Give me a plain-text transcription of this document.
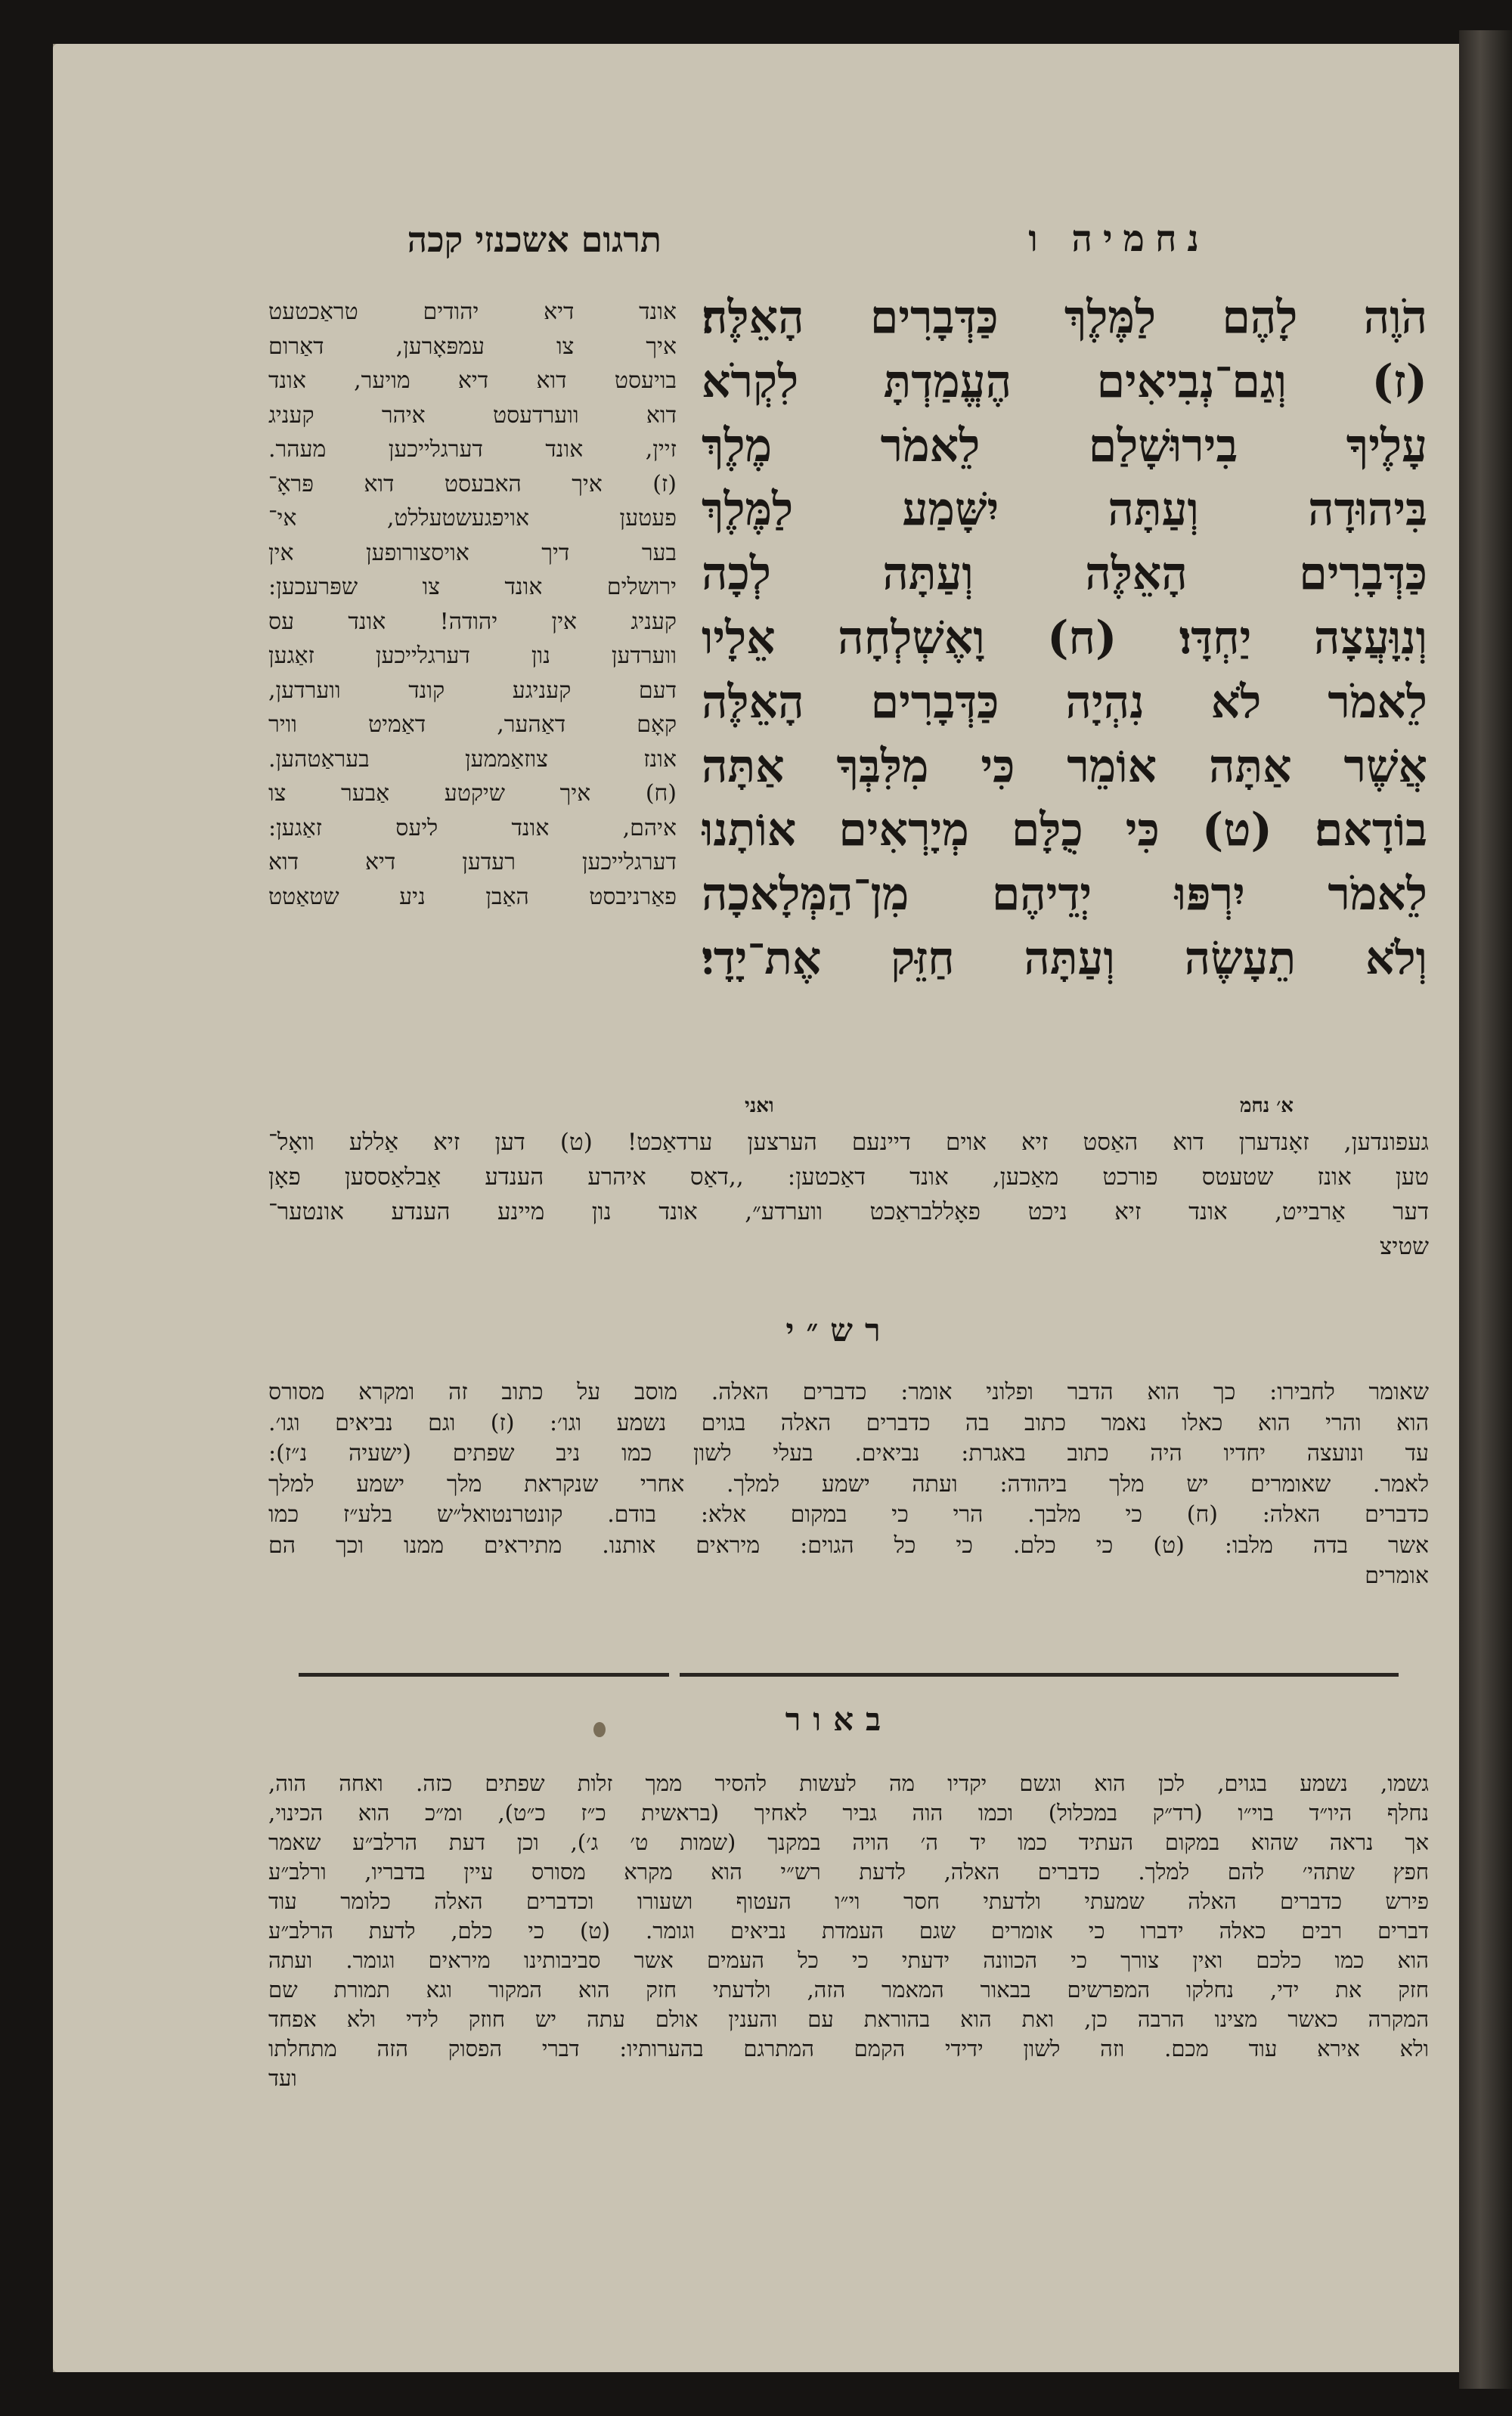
תרגום אשכנזי קכה	נחמיה ו
הֹוֶה לָהֶם לַמֶּלֶךְ כַּדְּבָרִים הָאֵלֶּה׃
(ז) וְגַם־נְבִיאִים הֶעֱמַדְתָּ לִקְרֹא
עָלֶיךָ בִירוּשָׁלַם לֵאמֹר מֶלֶךְ
בִּיהוּדָה וְעַתָּה יִשָּׁמַע לַמֶּלֶךְ
כַּדְּבָרִים הָאֵלֶּה וְעַתָּה לְכָה
וְנִוָּעֲצָה יַחְדָּו׃ (ח) וָאֶשְׁלְחָה אֵלָיו
לֵאמֹר לֹא נִהְיָה כַּדְּבָרִים הָאֵלֶּה
אֲשֶׁר אַתָּה אוֹמֵר כִּי מִלִּבְּךָ אַתָּה
בוֹדָאם׃ (ט) כִּי כֻלָּם מְיָרְאִים אוֹתָנוּ
לֵאמֹר יִרְפּוּ יְדֵיהֶם מִן־הַמְּלָאכָה
וְלֹא תֵעָשֶׂה וְעַתָּה חַזֵּק אֶת־יָדָי׃
ואני	א׳ נחמ
אונד דיא יהודים טראַכטעט
איך צו עמפּאָרען, דאַרום
בויעסט דוא דיא מויער, אונד
דוא ווערדעסט איהר קעניג
זיין, אונד דערגלייכען מעהר.
(ז) איך האבעסט דוא פּראָ־
פעטען אויפגעשטעללט, אי־
בער דיך אויסצורופען אין
ירושלים אונד צו שפּרעכען:
קעניג אין יהודה! אונד עס
ווערדען נון דערגלייכען זאַגען
דעם קעניגע קונד ווערדען,
קאָם דאַהער, דאַמיט וויר
אונז צוזאַממען בעראַטהען.
(ח) איך שיקטע אַבער צו
איהם, אונד ליעס זאַגען:
דערגלייכען רעדען דיא דוא
פאַרניבסט האַבן ניע שטאַטט
געפונדען, זאָנדערן דוא האַסט זיא אוים דיינעם הערצען ערדאַכט! (ט) דען זיא אַללע וואָל־
טען אונז שטעטס פורכט מאַכען, אונד דאַכטען: ,,דאַס איהרע הענדע אַבלאַססען פאָן
דער אַרבייט, אונד זיא ניכט פאָללבראַכט ווערדע״, אונד נון מיינע הענדע אונטער־
שטיצ
רש״י
שאומר לחבירו: כך הוא הדבר ופלוני אומר: כדברים האלה. מוסב על כתוב זה ומקרא מסורס
הוא והרי הוא כאלו נאמר כתוב בה כדברים האלה בגוים נשמע וגו׳: (ז) וגם נביאים וגו׳.
עד ונועצה יחדיו היה כתוב באגרת: נביאים. בעלי לשון כמו ניב שפתים (ישעיה נ״ז):
לאמר. שאומרים יש מלך ביהודה: ועתה ישמע למלך. אחרי שנקראת מלך ישמע למלך
כדברים האלה: (ח) כי מלבך. הרי כי במקום אלא: בודם. קונטרנטואל״ש בלע״ז כמו
אשר בדה מלבו: (ט) כי כלם. כי כל הגוים: מיראים אותנו. מתיראים ממנו וכך הם
אומרים
באור
גשמו, נשמע בגוים, לכן הוא וגשם יקדיו מה לעשות להסיר ממך זלות שפתים כזה. ואחה הוה,
נחלף היו״ד בוי״ו (רד״ק במכלול) וכמו הוה גביר לאחיך (בראשית כ״ז כ״ט), ומ״כ הוא הכינוי,
אך נראה שהוא במקום העתיד כמו יד ה׳ הויה במקנך (שמות ט׳ ג׳), וכן דעת הרלב״ע שאמר
חפץ שתהי׳ להם למלך. כדברים האלה, לדעת רש״י הוא מקרא מסורס עיין בדבריו, ורלב״ע
פירש כדברים האלה שמעתי ולדעתי חסר וי״ו העטוף ושעורו וכדברים האלה כלומר עוד
דברים רבים כאלה ידברו כי אומרים שגם העמדת נביאים וגומר. (ט) כי כלם, לדעת הרלב״ע
הוא כמו כלכם ואין צורך כי הכוונה ידעתי כי כל העמים אשר סביבותינו מיראים וגומר. ועתה
חזק את ידי, נחלקו המפרשים בבאור המאמר הזה, ולדעתי חזק הוא המקור וגא תמורת שם
המקרה כאשר מצינו הרבה כן, ואת הוא בהוראת עם והענין אולם עתה יש חוזק לידי ולא אפחד
ולא אירא עוד מכם. וזה לשון ידידי הקמם המתרגם בהערותיו: דברי הפסוק הזה מתחלתו
ועד
